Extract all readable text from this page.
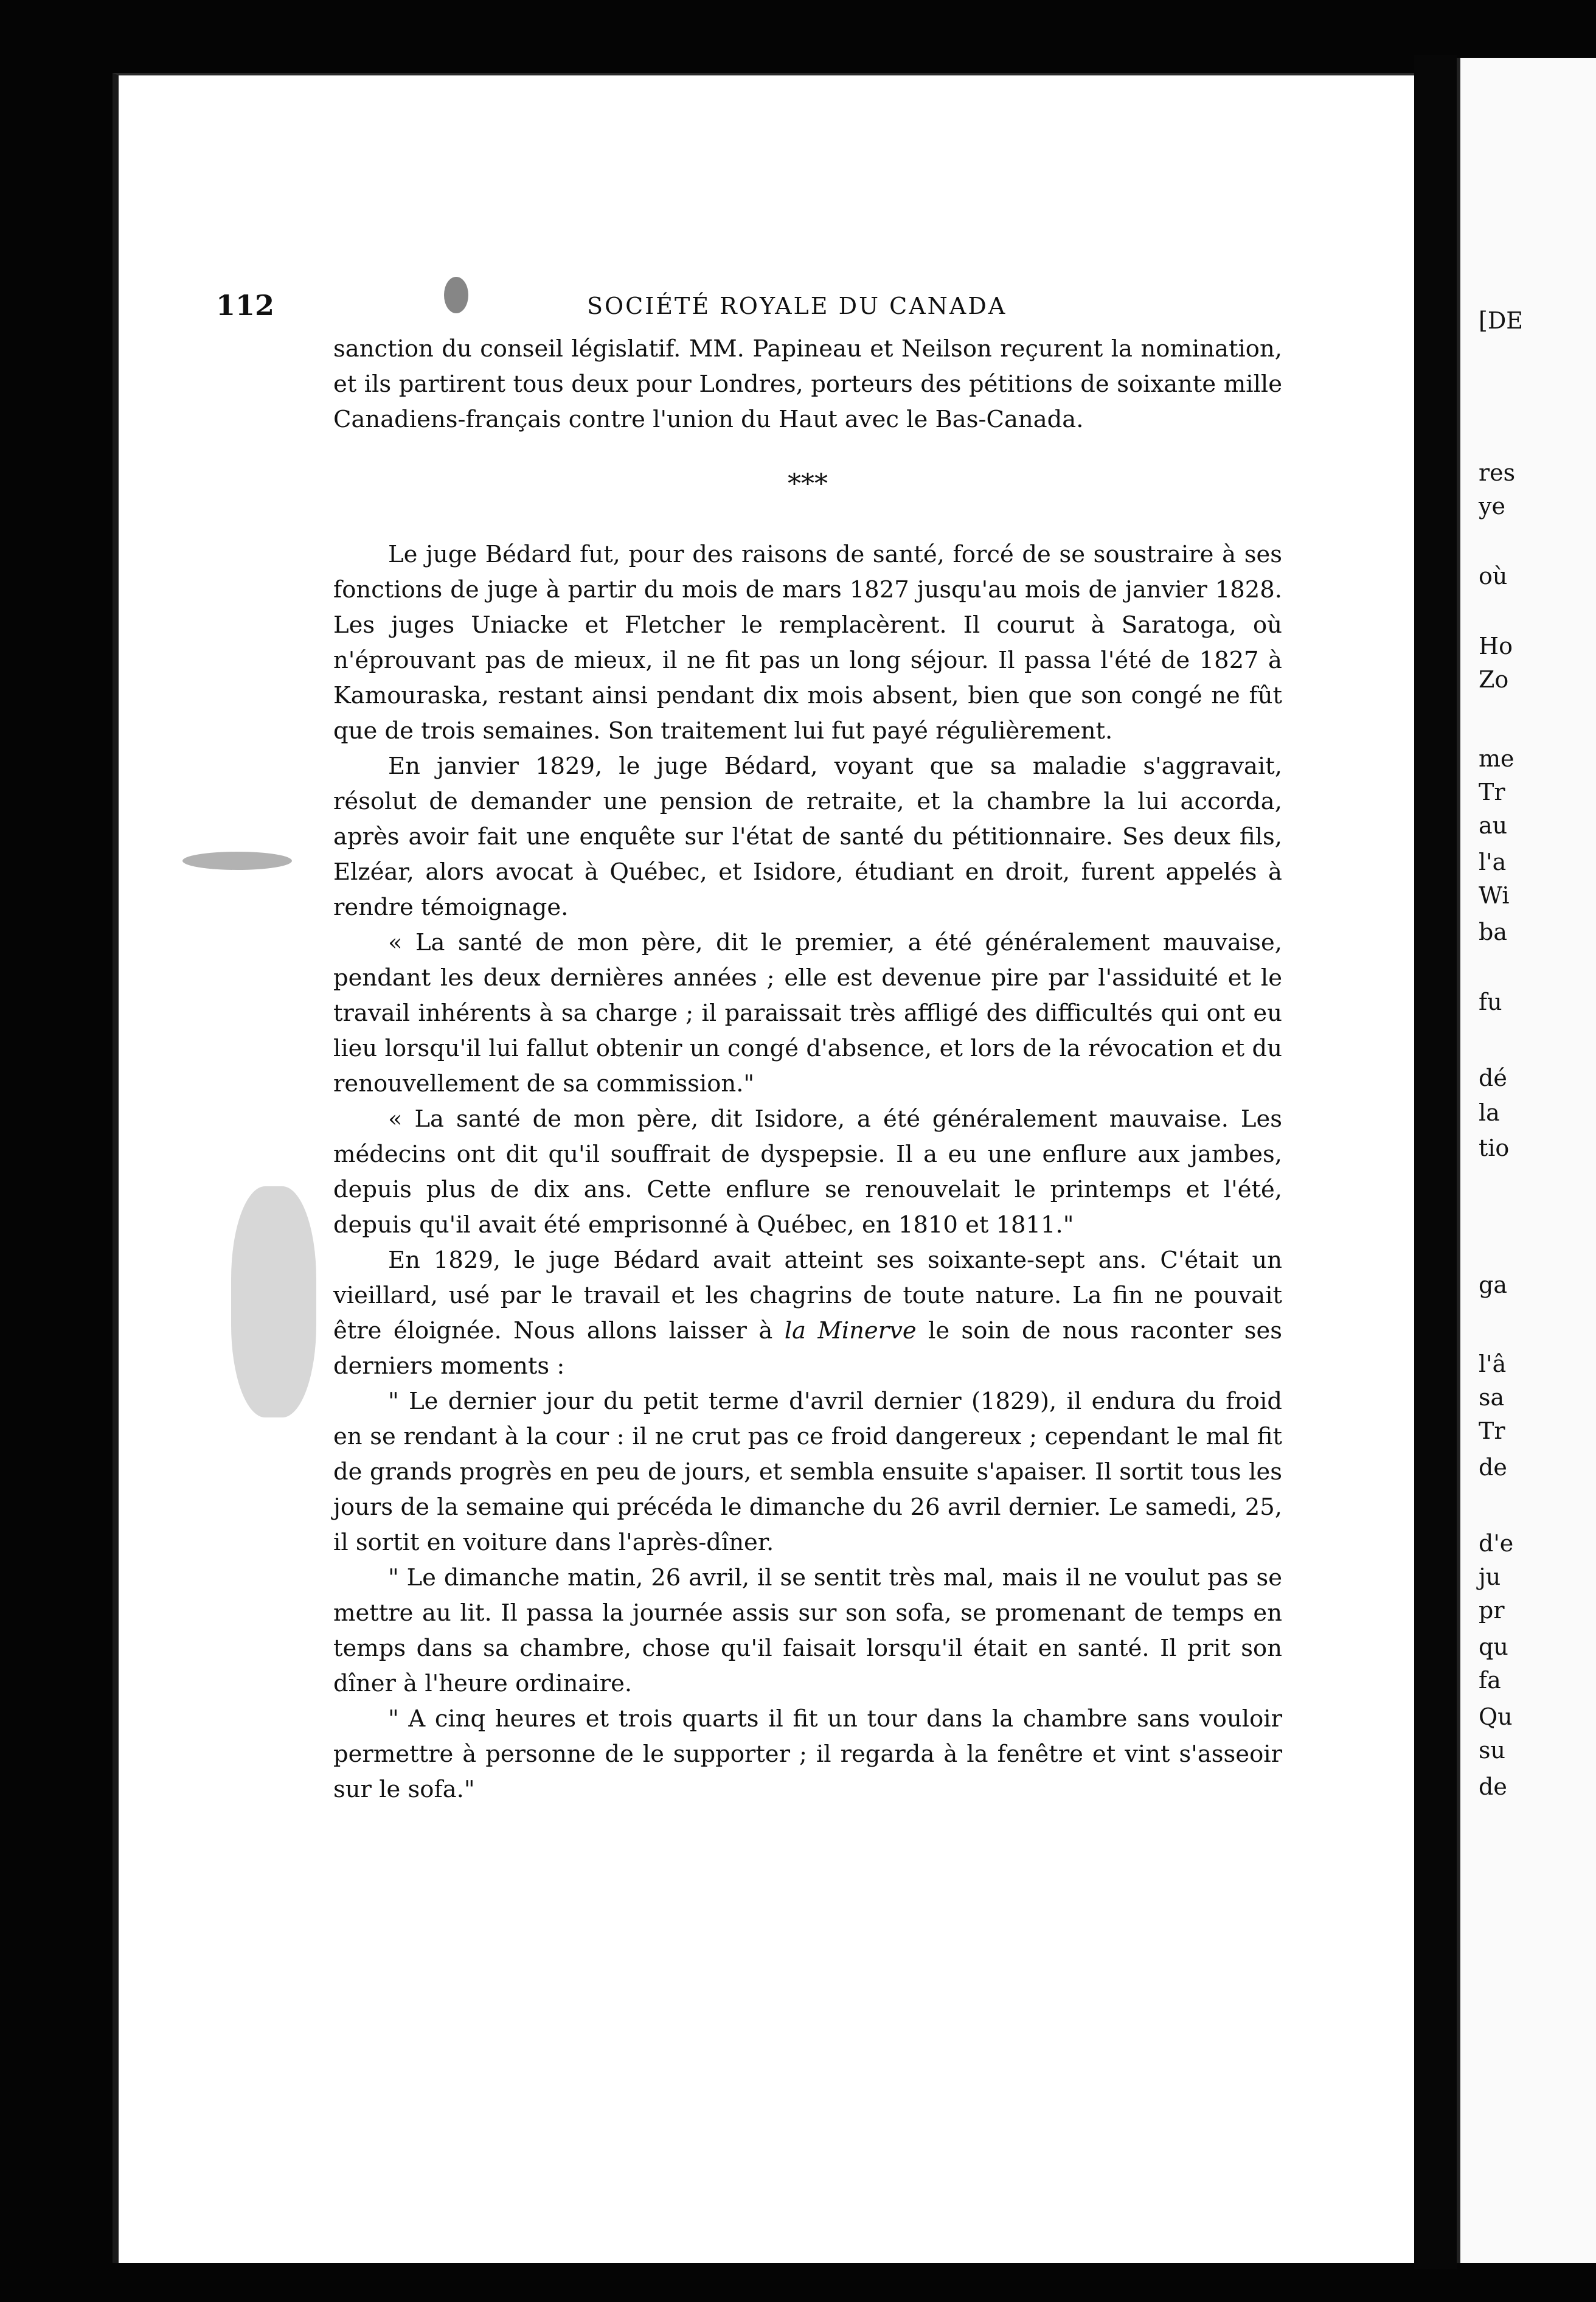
[DE
res
ye
où
Ho
Zo
me
Tr
au
l'a
Wi
ba
fu
dé
la
tio
ga
l'â
sa
Tr
de
d'e
ju
pr
qu
fa
Qu
su
de
112	SOCIÉTÉ ROYALE DU CANADA

sanction du conseil législatif. MM. Papineau et Neilson reçurent la nomination, et ils partirent tous deux pour Londres, porteurs des pétitions de soixante mille Canadiens-français contre l'union du Haut avec le Bas-Canada.

***

Le juge Bédard fut, pour des raisons de santé, forcé de se soustraire à ses fonctions de juge à partir du mois de mars 1827 jusqu'au mois de janvier 1828. Les juges Uniacke et Fletcher le remplacèrent. Il courut à Saratoga, où n'éprouvant pas de mieux, il ne fit pas un long séjour. Il passa l'été de 1827 à Kamouraska, restant ainsi pendant dix mois absent, bien que son congé ne fût que de trois semaines. Son traitement lui fut payé régulièrement.

En janvier 1829, le juge Bédard, voyant que sa maladie s'aggravait, résolut de demander une pension de retraite, et la chambre la lui accorda, après avoir fait une enquête sur l'état de santé du pétitionnaire. Ses deux fils, Elzéar, alors avocat à Québec, et Isidore, étudiant en droit, furent appelés à rendre témoignage.

« La santé de mon père, dit le premier, a été généralement mauvaise, pendant les deux dernières années ; elle est devenue pire par l'assiduité et le travail inhérents à sa charge ; il paraissait très affligé des difficultés qui ont eu lieu lorsqu'il lui fallut obtenir un congé d'absence, et lors de la révocation et du renouvellement de sa commission."

« La santé de mon père, dit Isidore, a été généralement mauvaise. Les médecins ont dit qu'il souffrait de dyspepsie. Il a eu une enflure aux jambes, depuis plus de dix ans. Cette enflure se renouvelait le printemps et l'été, depuis qu'il avait été emprisonné à Québec, en 1810 et 1811."

En 1829, le juge Bédard avait atteint ses soixante-sept ans. C'était un vieillard, usé par le travail et les chagrins de toute nature. La fin ne pouvait être éloignée. Nous allons laisser à la Minerve le soin de nous raconter ses derniers moments :

" Le dernier jour du petit terme d'avril dernier (1829), il endura du froid en se rendant à la cour : il ne crut pas ce froid dangereux ; cependant le mal fit de grands progrès en peu de jours, et sembla ensuite s'apaiser. Il sortit tous les jours de la semaine qui précéda le dimanche du 26 avril dernier. Le samedi, 25, il sortit en voiture dans l'après-dîner.

" Le dimanche matin, 26 avril, il se sentit très mal, mais il ne voulut pas se mettre au lit. Il passa la journée assis sur son sofa, se promenant de temps en temps dans sa chambre, chose qu'il faisait lorsqu'il était en santé. Il prit son dîner à l'heure ordinaire.

" A cinq heures et trois quarts il fit un tour dans la chambre sans vouloir permettre à personne de le supporter ; il regarda à la fenêtre et vint s'asseoir sur le sofa."
